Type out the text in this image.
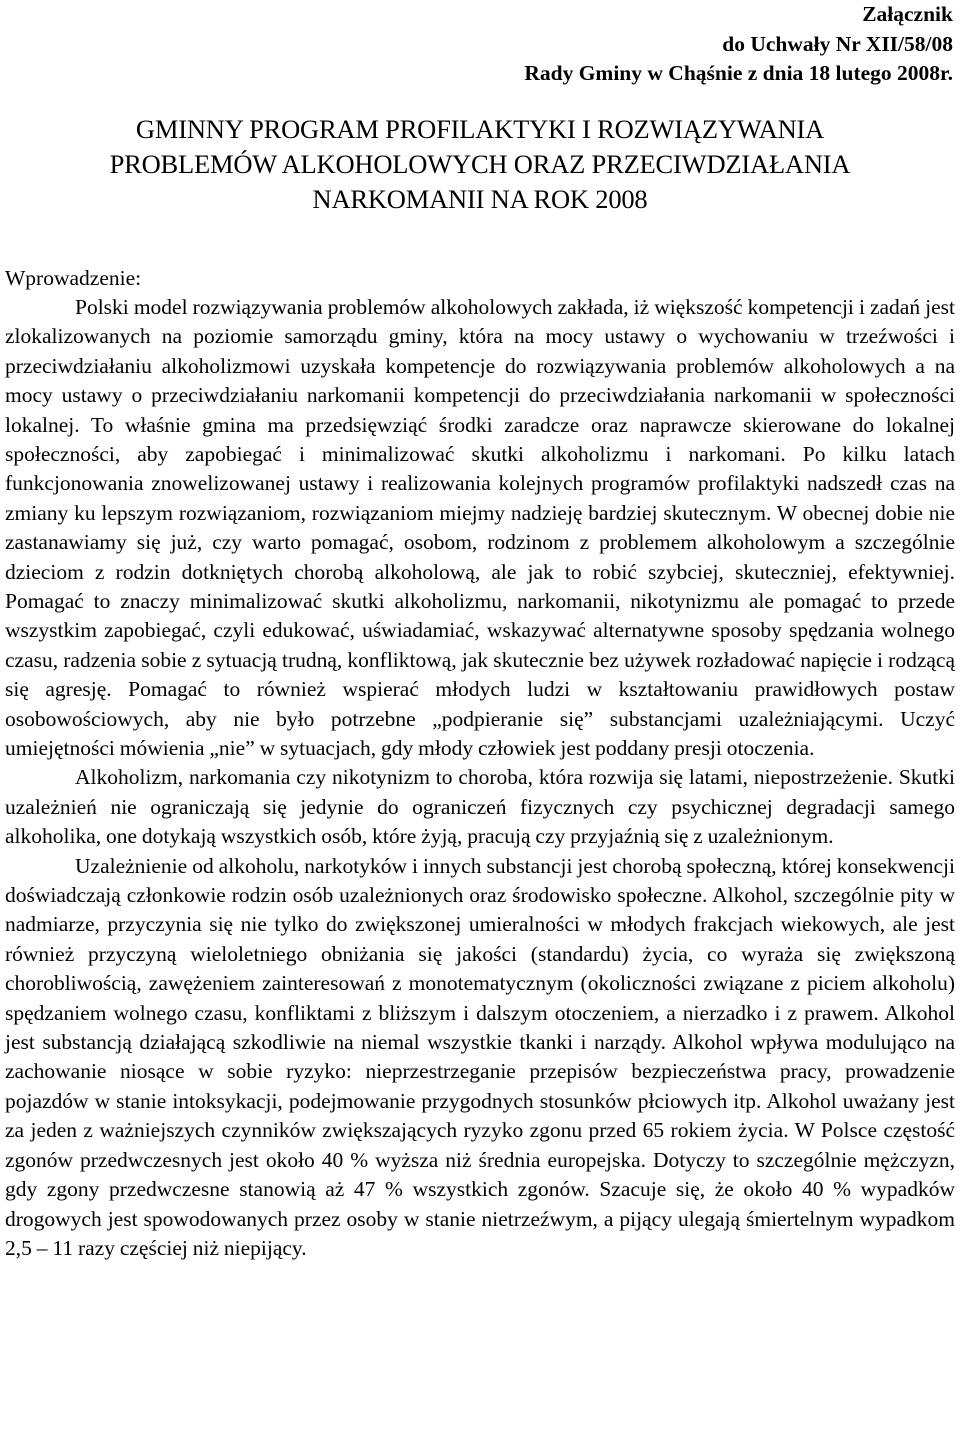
Załącznik
do Uchwały Nr XII/58/08
Rady Gminy w Chąśnie z dnia 18 lutego 2008r.
GMINNY PROGRAM PROFILAKTYKI I ROZWIĄZYWANIA
PROBLEMÓW ALKOHOLOWYCH ORAZ PRZECIWDZIAŁANIA
NARKOMANII NA ROK 2008
Wprowadzenie:

Polski model rozwiązywania problemów alkoholowych zakłada, iż większość kompetencji i zadań jest zlokalizowanych na poziomie samorządu gminy, która na mocy ustawy o wychowaniu w trzeźwości i przeciwdziałaniu alkoholizmowi uzyskała kompetencje do rozwiązywania problemów alkoholowych a na mocy ustawy o przeciwdziałaniu narkomanii kompetencji do przeciwdziałania narkomanii w społeczności lokalnej. To właśnie gmina ma przedsięwziąć środki zaradcze oraz naprawcze skierowane do lokalnej społeczności, aby zapobiegać i minimalizować skutki alkoholizmu i narkomani. Po kilku latach funkcjonowania znowelizowanej ustawy i realizowania kolejnych programów profilaktyki nadszedł czas na zmiany ku lepszym rozwiązaniom, rozwiązaniom miejmy nadzieję bardziej skutecznym. W obecnej dobie nie zastanawiamy się już, czy warto pomagać, osobom, rodzinom z problemem alkoholowym a szczególnie dzieciom z rodzin dotkniętych chorobą alkoholową, ale jak to robić szybciej, skuteczniej, efektywniej. Pomagać to znaczy minimalizować skutki alkoholizmu, narkomanii, nikotynizmu ale pomagać to przede wszystkim zapobiegać, czyli edukować, uświadamiać, wskazywać alternatywne sposoby spędzania wolnego czasu, radzenia sobie z sytuacją trudną, konfliktową, jak skutecznie bez używek rozładować napięcie i rodzącą się agresję. Pomagać to również wspierać młodych ludzi w kształtowaniu prawidłowych postaw osobowościowych, aby nie było potrzebne „podpieranie się” substancjami uzależniającymi. Uczyć umiejętności mówienia „nie” w sytuacjach, gdy młody człowiek jest poddany presji otoczenia.

Alkoholizm, narkomania czy nikotynizm to choroba, która rozwija się latami, niepostrzeżenie. Skutki uzależnień nie ograniczają się jedynie do ograniczeń fizycznych czy psychicznej degradacji samego alkoholika, one dotykają wszystkich osób, które żyją, pracują czy przyjaźnią się z uzależnionym.

Uzależnienie od alkoholu, narkotyków i innych substancji jest chorobą społeczną, której konsekwencji doświadczają członkowie rodzin osób uzależnionych oraz środowisko społeczne. Alkohol, szczególnie pity w nadmiarze, przyczynia się nie tylko do zwiększonej umieralności w młodych frakcjach wiekowych, ale jest również przyczyną wieloletniego obniżania się jakości (standardu) życia, co wyraża się zwiększoną chorobliwością, zawężeniem zainteresowań z monotematycznym (okoliczności związane z piciem alkoholu) spędzaniem wolnego czasu, konfliktami z bliższym i dalszym otoczeniem, a nierzadko i z prawem. Alkohol jest substancją działającą szkodliwie na niemal wszystkie tkanki i narządy. Alkohol wpływa modulująco na zachowanie niosące w sobie ryzyko: nieprzestrzeganie przepisów bezpieczeństwa pracy, prowadzenie pojazdów w stanie intoksykacji, podejmowanie przygodnych stosunków płciowych itp. Alkohol uważany jest za jeden z ważniejszych czynników zwiększających ryzyko zgonu przed 65 rokiem życia. W Polsce częstość zgonów przedwczesnych jest około 40 % wyższa niż średnia europejska. Dotyczy to szczególnie mężczyzn, gdy zgony przedwczesne stanowią aż 47 % wszystkich zgonów. Szacuje się, że około 40 % wypadków drogowych jest spowodowanych przez osoby w stanie nietrzeźwym, a pijący ulegają śmiertelnym wypadkom 2,5 – 11 razy częściej niż niepijący.
